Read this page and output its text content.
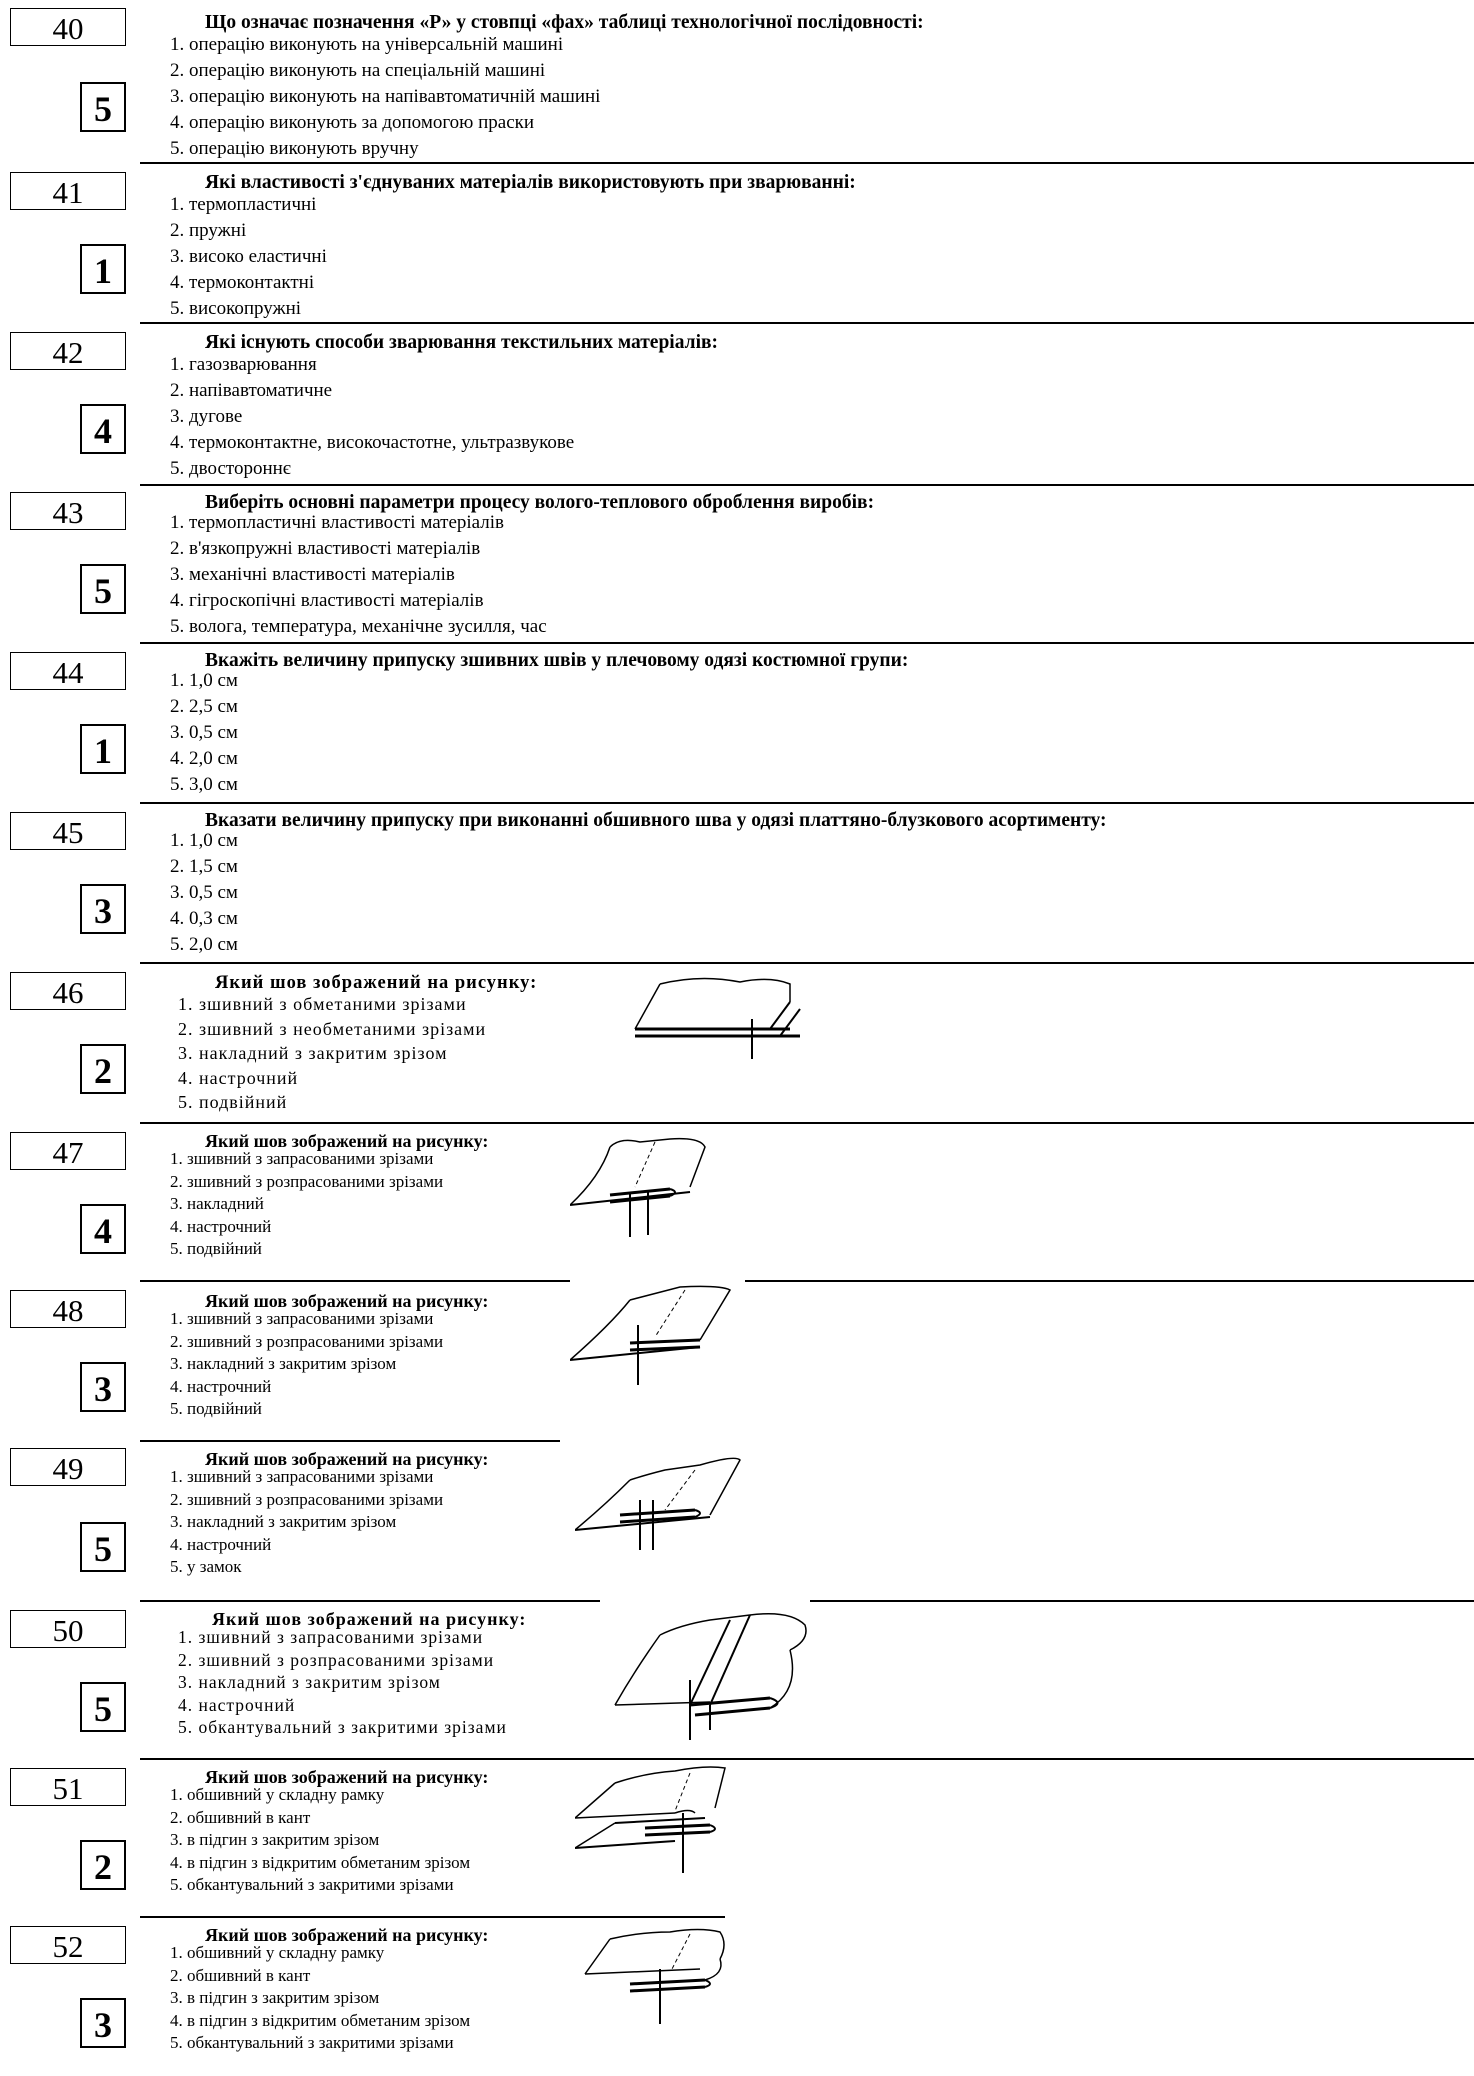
40
5
Що означає позначення «Р» у стовпці «фах» таблиці технологічної послідовності:
1. операцію виконують на універсальній машині
2. операцію виконують на спеціальній машині
3. операцію виконують на напівавтоматичній машині
4. операцію виконують за допомогою праски
5. операцію виконують вручну
41
1
Які властивості з'єднуваних матеріалів використовують при зварюванні:
1. термопластичні
2. пружні
3. високо еластичні
4. термоконтактні
5. високопружні
42
4
Які існують способи зварювання текстильних матеріалів:
1. газозварювання
2. напівавтоматичне
3. дугове
4. термоконтактне, високочастотне, ультразвукове
5. двостороннє
43
5
Виберіть основні параметри процесу волого-теплового оброблення виробів:
1. термопластичні властивості матеріалів
2. в'язкопружні властивості матеріалів
3. механічні властивості матеріалів
4. гігроскопічні властивості матеріалів
5. волога, температура, механічне зусилля, час
44
1
Вкажіть величину припуску зшивних швів у плечовому одязі костюмної групи:
1. 1,0 см
2. 2,5 см
3. 0,5 см
4. 2,0 см
5. 3,0 см
45
3
Вказати величину припуску при виконанні обшивного шва у одязі платтяно-блузкового асортименту:
1. 1,0 см
2. 1,5 см
3. 0,5 см
4. 0,3 см
5. 2,0 см
46
2
Який шов зображений на рисунку:
1. зшивний з обметаними зрізами
2. зшивний з необметаними зрізами
3. накладний з закритим зрізом
4. настрочний
5. подвійний
47
4
Який шов зображений на рисунку:
1. зшивний з запрасованими зрізами
2. зшивний з розпрасованими зрізами
3. накладний
4. настрочний
5. подвійний
48
3
Який шов зображений на рисунку:
1. зшивний з запрасованими зрізами
2. зшивний з розпрасованими зрізами
3. накладний з закритим зрізом
4. настрочний
5. подвійний
49
5
Який шов зображений на рисунку:
1. зшивний з запрасованими зрізами
2. зшивний з розпрасованими зрізами
3. накладний з закритим зрізом
4. настрочний
5. у замок
50
5
Який шов зображений на рисунку:
1. зшивний з запрасованими зрізами
2. зшивний з розпрасованими зрізами
3. накладний з закритим зрізом
4. настрочний
5. обкантувальний з закритими зрізами
51
2
Який шов зображений на рисунку:
1. обшивний у складну рамку
2. обшивний в кант
3. в підгин з закритим зрізом
4. в підгин з відкритим обметаним зрізом
5. обкантувальний з закритими зрізами
52
3
Який шов зображений на рисунку:
1. обшивний у складну рамку
2. обшивний в кант
3. в підгин з закритим зрізом
4. в підгин з відкритим обметаним зрізом
5. обкантувальний з закритими зрізами
